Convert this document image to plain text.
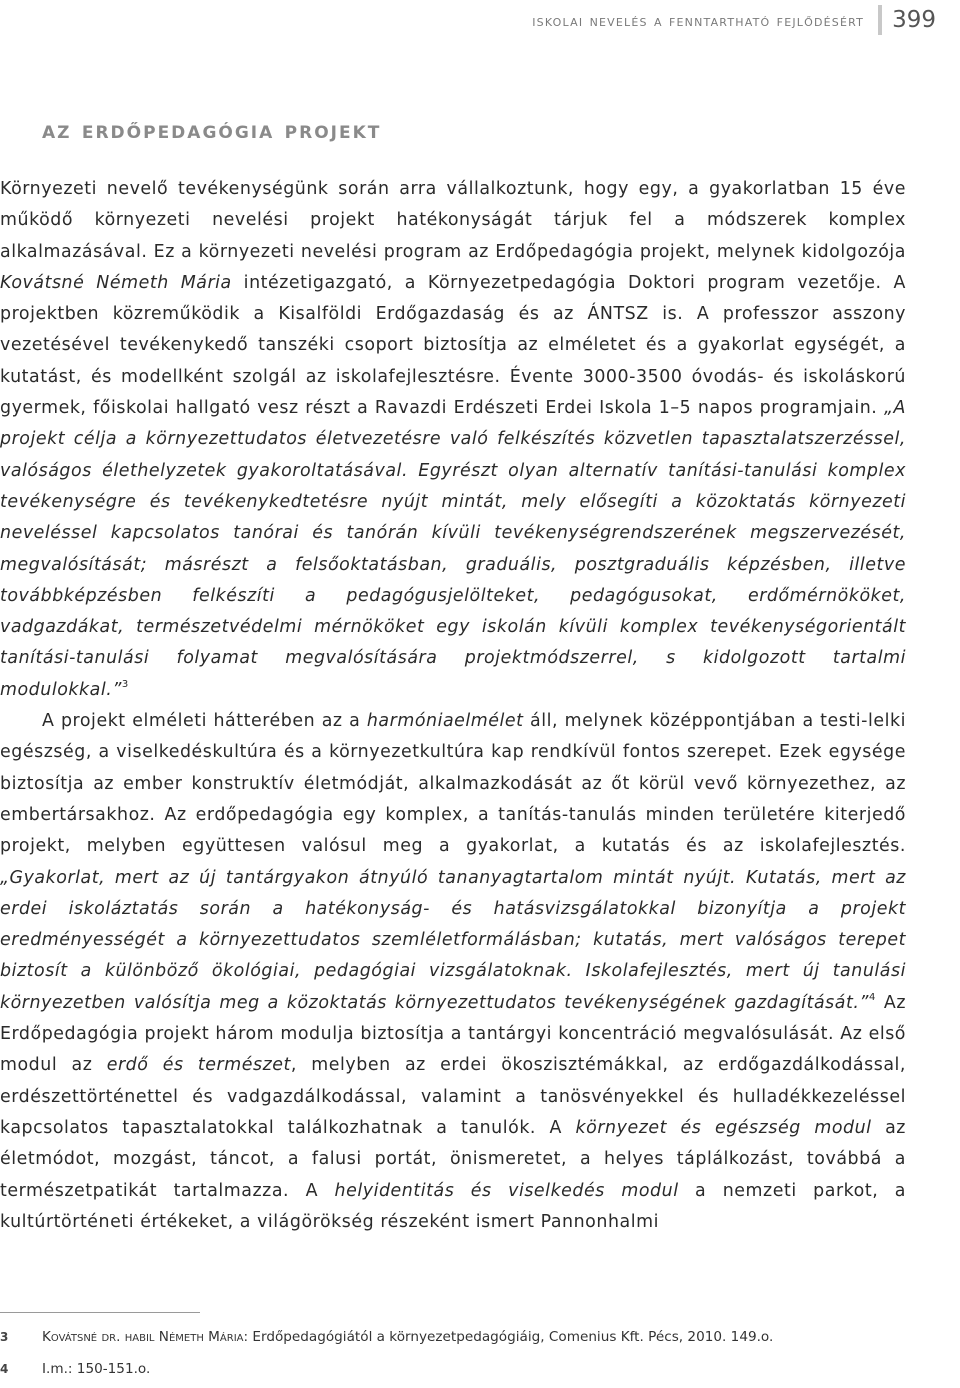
iskolai nevelés a fenntartható fejlődésért 399
az erdőpedagógia projekt

Környezeti nevelő tevékenységünk során arra vállalkoztunk, hogy egy, a gyakorlatban 15 éve működő környezeti nevelési projekt hatékonyságát tárjuk fel a módszerek komplex alkalmazásával. Ez a környezeti nevelési program az Erdőpedagógia projekt, melynek kidolgozója Kovátsné Németh Mária intézetigazgató, a Környezetpedagógia Doktori program vezetője. A projektben közreműködik a Kisalföldi Erdőgazdaság és az ÁNTSZ is. A professzor asszony vezetésével tevékenykedő tanszéki csoport biztosítja az elméletet és a gyakorlat egységét, a kutatást, és modellként szolgál az iskolafejlesztésre. Évente 3000-3500 óvodás- és iskoláskorú gyermek, főiskolai hallgató vesz részt a Ravazdi Erdészeti Erdei Iskola 1–5 napos programjain. „A projekt célja a környezettudatos életvezetésre való felkészítés közvetlen tapasztalatszerzéssel, valóságos élethelyzetek gyakoroltatásával. Egyrészt olyan alternatív tanítási-tanulási komplex tevékenységre és tevékenykedtetésre nyújt mintát, mely elősegíti a közoktatás környezeti neveléssel kapcsolatos tanórai és tanórán kívüli tevékenységrendszerének megszervezését, megvalósítását; másrészt a felsőoktatásban, graduális, posztgraduális képzésben, illetve továbbképzésben felkészíti a pedagógusjelölteket, pedagógusokat, erdőmérnököket, vadgazdákat, természetvédelmi mérnököket egy iskolán kívüli komplex tevékenységorientált tanítási-tanulási folyamat megvalósítására projektmódszerrel, s kidolgozott tartalmi modulokkal.”$^3$

A projekt elméleti hátterében az a harmóniaelmélet áll, melynek középpontjában a testi-lelki egészség, a viselkedéskultúra és a környezetkultúra kap rendkívül fontos szerepet. Ezek egysége biztosítja az ember konstruktív életmódját, alkalmazkodását az őt körül vevő környezethez, az embertársakhoz. Az erdőpedagógia egy komplex, a tanítás-tanulás minden területére kiterjedő projekt, melyben együttesen valósul meg a gyakorlat, a kutatás és az iskolafejlesztés. „Gyakorlat, mert az új tantárgyakon átnyúló tananyagtartalom mintát nyújt. Kutatás, mert az erdei iskoláztatás során a hatékonyság- és hatásvizsgálatokkal bizonyítja a projekt eredményességét a környezettudatos szemléletformálásban; kutatás, mert valóságos terepet biztosít a különböző ökológiai, pedagógiai vizsgálatoknak. Iskolafejlesztés, mert új tanulási környezetben valósítja meg a közoktatás környezettudatos tevékenységének gazdagítását.”$^4$ Az Erdőpedagógia projekt három modulja biztosítja a tantárgyi koncentráció megvalósulását. Az első modul az erdő és természet, melyben az erdei ökoszisztémákkal, az erdőgazdálkodással, erdészettörténettel és vadgazdálkodással, valamint a tanösvényekkel és hulladékkezeléssel kapcsolatos tapasztalatokkal találkozhatnak a tanulók. A környezet és egészség modul az életmódot, mozgást, táncot, a falusi portát, önismeretet, a helyes táplálkozást, továbbá a természetpatikát tartalmazza. A helyidentitás és viselkedés modul a nemzeti parkot, a kultúrtörténeti értékeket, a világörökség részeként ismert Pannonhalmi

3	Kovátsné dr. habil Németh Mária: Erdőpedagógiától a környezetpedagógiáig, Comenius Kft. Pécs, 2010. 149.o.
4	I.m.: 150-151.o.
